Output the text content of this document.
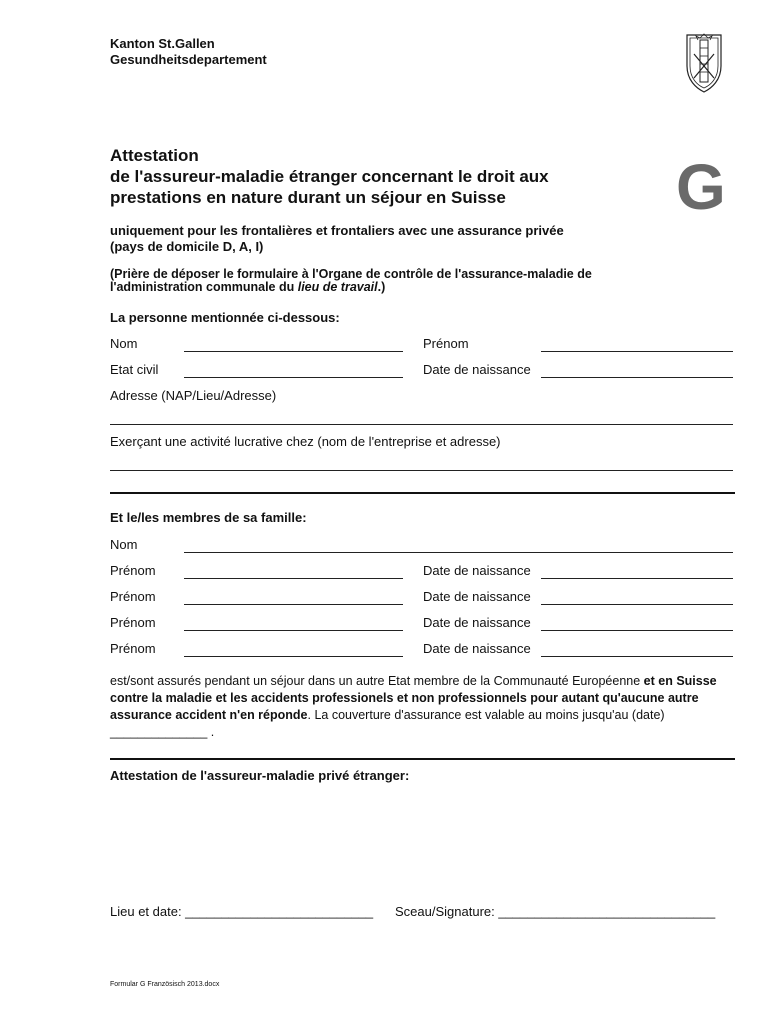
Kanton St.Gallen
Gesundheitsdepartement
Attestation
de l'assureur-maladie étranger concernant le droit aux
prestations en nature durant un séjour en Suisse	G
uniquement pour les frontalières et frontaliers avec une assurance privée
(pays de domicile D, A, I)
(Prière de déposer le formulaire à l'Organe de contrôle de l'assurance-maladie de
l'administration communale du lieu de travail.)
La personne mentionnée ci-dessous:
Nom	Prénom
Etat civil	Date de naissance
Adresse (NAP/Lieu/Adresse)
Exerçant une activité lucrative chez (nom de l'entreprise et adresse)
Et le/les membres de sa famille:
Nom
Prénom	Date de naissance
Prénom	Date de naissance
Prénom	Date de naissance
Prénom	Date de naissance
est/sont assurés pendant un séjour dans un autre Etat membre de la Communauté Européenne et en Suisse contre la maladie et les accidents professionels et non professionnels pour autant qu'aucune autre assurance accident n'en réponde. La couverture d'assurance est valable au moins jusqu'au (date) ______________ .
Attestation de l'assureur-maladie privé étranger:
Lieu et date: __________________________ Sceau/Signature: ______________________________
Formular G Französisch 2013.docx
